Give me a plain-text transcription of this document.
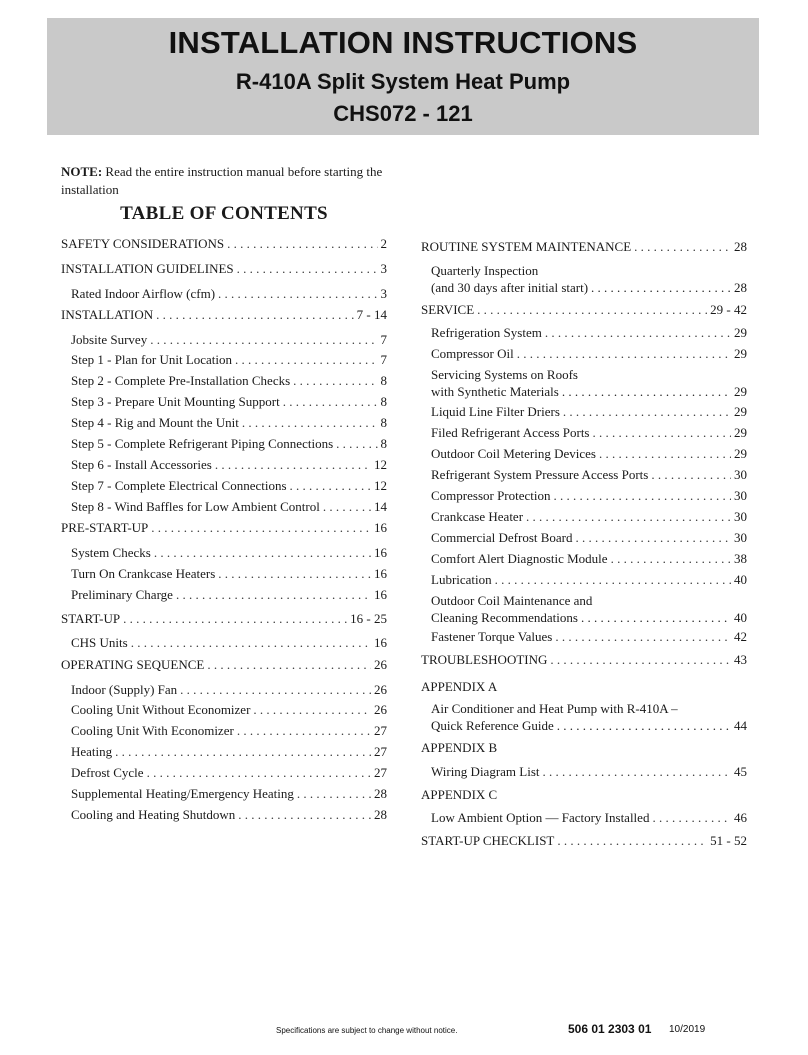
INSTALLATION INSTRUCTIONS
R-410A Split System Heat Pump
CHS072 - 121
NOTE: Read the entire instruction manual before starting the installation
TABLE OF CONTENTS
SAFETY CONSIDERATIONS . . .	2
INSTALLATION GUIDELINES . . .	3
Rated Indoor Airflow (cfm) . . .	3
INSTALLATION . . .	7 - 14
Jobsite Survey . . .	7
Step 1 - Plan for Unit Location . . .	7
Step 2 - Complete Pre-Installation Checks . . .	8
Step 3 - Prepare Unit Mounting Support . . .	8
Step 4 - Rig and Mount the Unit . . .	8
Step 5 - Complete Refrigerant Piping Connections . . .	8
Step 6 - Install Accessories . . .	12
Step 7 - Complete Electrical Connections . . .	12
Step 8 - Wind Baffles for Low Ambient Control . . .	14
PRE-START-UP . . .	16
System Checks . . .	16
Turn On Crankcase Heaters . . .	16
Preliminary Charge . . .	16
START-UP . . .	16 - 25
CHS Units . . .	16
OPERATING SEQUENCE . . .	26
Indoor (Supply) Fan . . .	26
Cooling Unit Without Economizer . . .	26
Cooling Unit With Economizer . . .	27
Heating . . .	27
Defrost Cycle . . .	27
Supplemental Heating/Emergency Heating . . .	28
Cooling and Heating Shutdown . . .	28
ROUTINE SYSTEM MAINTENANCE . . .	28
Quarterly Inspection
(and 30 days after initial start) . . .	28
SERVICE . . .	29 - 42
Refrigeration System . . .	29
Compressor Oil . . .	29
Servicing Systems on Roofs
with Synthetic Materials . . .	29
Liquid Line Filter Driers . . .	29
Filed Refrigerant Access Ports . . .	29
Outdoor Coil Metering Devices . . .	29
Refrigerant System Pressure Access Ports . . .	30
Compressor Protection . . .	30
Crankcase Heater . . .	30
Commercial Defrost Board . . .	30
Comfort Alert Diagnostic Module . . .	38
Lubrication . . .	40
Outdoor Coil Maintenance and
Cleaning Recommendations . . .	40
Fastener Torque Values . . .	42
TROUBLESHOOTING . . .	43
APPENDIX A
Air Conditioner and Heat Pump with R-410A –
Quick Reference Guide . . .	44
APPENDIX B
Wiring Diagram List . . .	45
APPENDIX C
Low Ambient Option — Factory Installed . . .	46
START-UP CHECKLIST . . .	51 - 52
Specifications are subject to change without notice.	506 01 2303 01 10/2019
